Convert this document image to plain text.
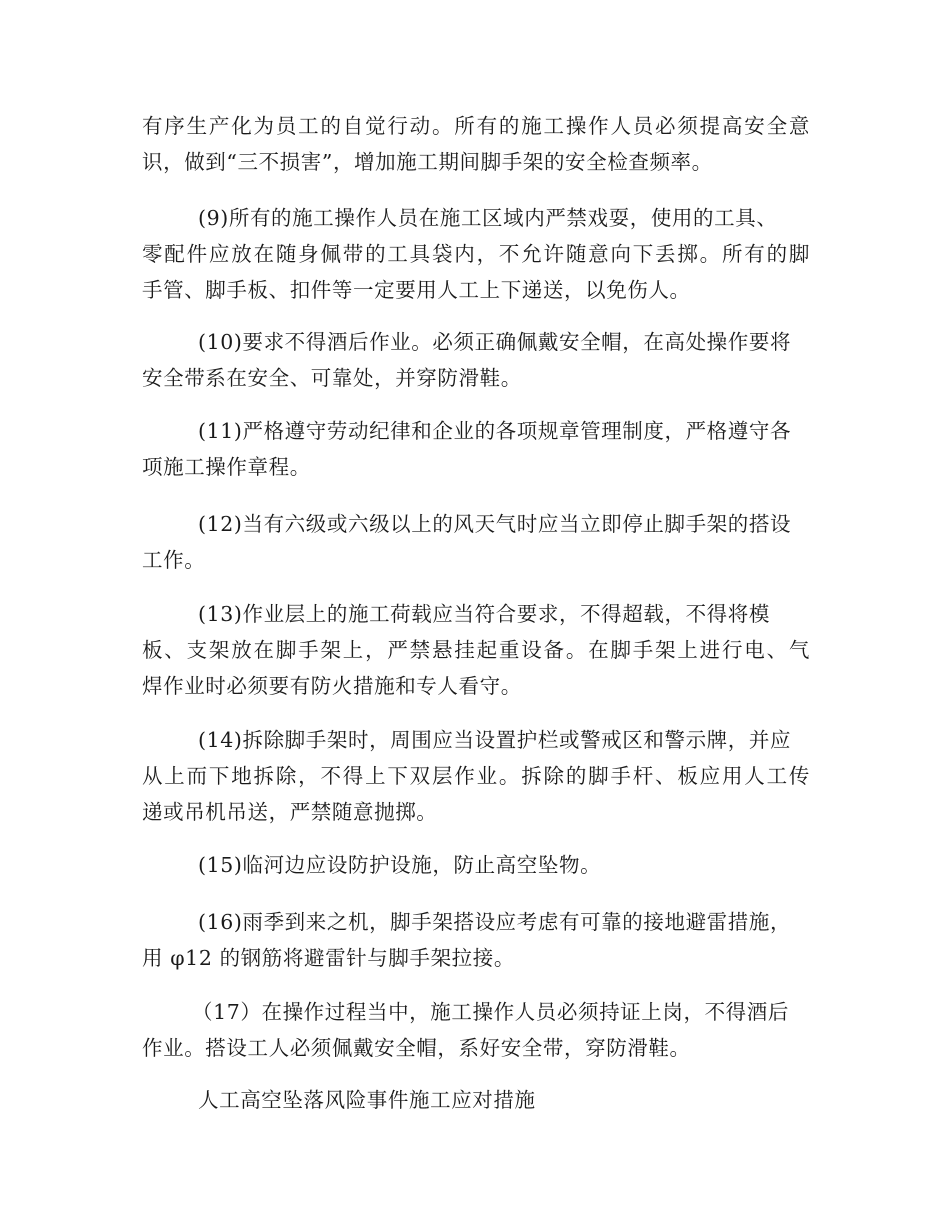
有序生产化为员工的自觉行动。所有的施工操作人员必须提高安全意
识，做到“三不损害”，增加施工期间脚手架的安全检查频率。
(9)所有的施工操作人员在施工区域内严禁戏耍，使用的工具、
零配件应放在随身佩带的工具袋内，不允许随意向下丢掷。所有的脚
手管、脚手板、扣件等一定要用人工上下递送，以免伤人。
(10)要求不得酒后作业。必须正确佩戴安全帽，在高处操作要将
安全带系在安全、可靠处，并穿防滑鞋。
(11)严格遵守劳动纪律和企业的各项规章管理制度，严格遵守各
项施工操作章程。
(12)当有六级或六级以上的风天气时应当立即停止脚手架的搭设
工作。
(13)作业层上的施工荷载应当符合要求，不得超载，不得将模
板、支架放在脚手架上，严禁悬挂起重设备。在脚手架上进行电、气
焊作业时必须要有防火措施和专人看守。
(14)拆除脚手架时，周围应当设置护栏或警戒区和警示牌，并应
从上而下地拆除，不得上下双层作业。拆除的脚手杆、板应用人工传
递或吊机吊送，严禁随意抛掷。
(15)临河边应设防护设施，防止高空坠物。
(16)雨季到来之机，脚手架搭设应考虑有可靠的接地避雷措施，
用 φ12 的钢筋将避雷针与脚手架拉接。
（17）在操作过程当中，施工操作人员必须持证上岗，不得酒后
作业。搭设工人必须佩戴安全帽，系好安全带，穿防滑鞋。
人工高空坠落风险事件施工应对措施
